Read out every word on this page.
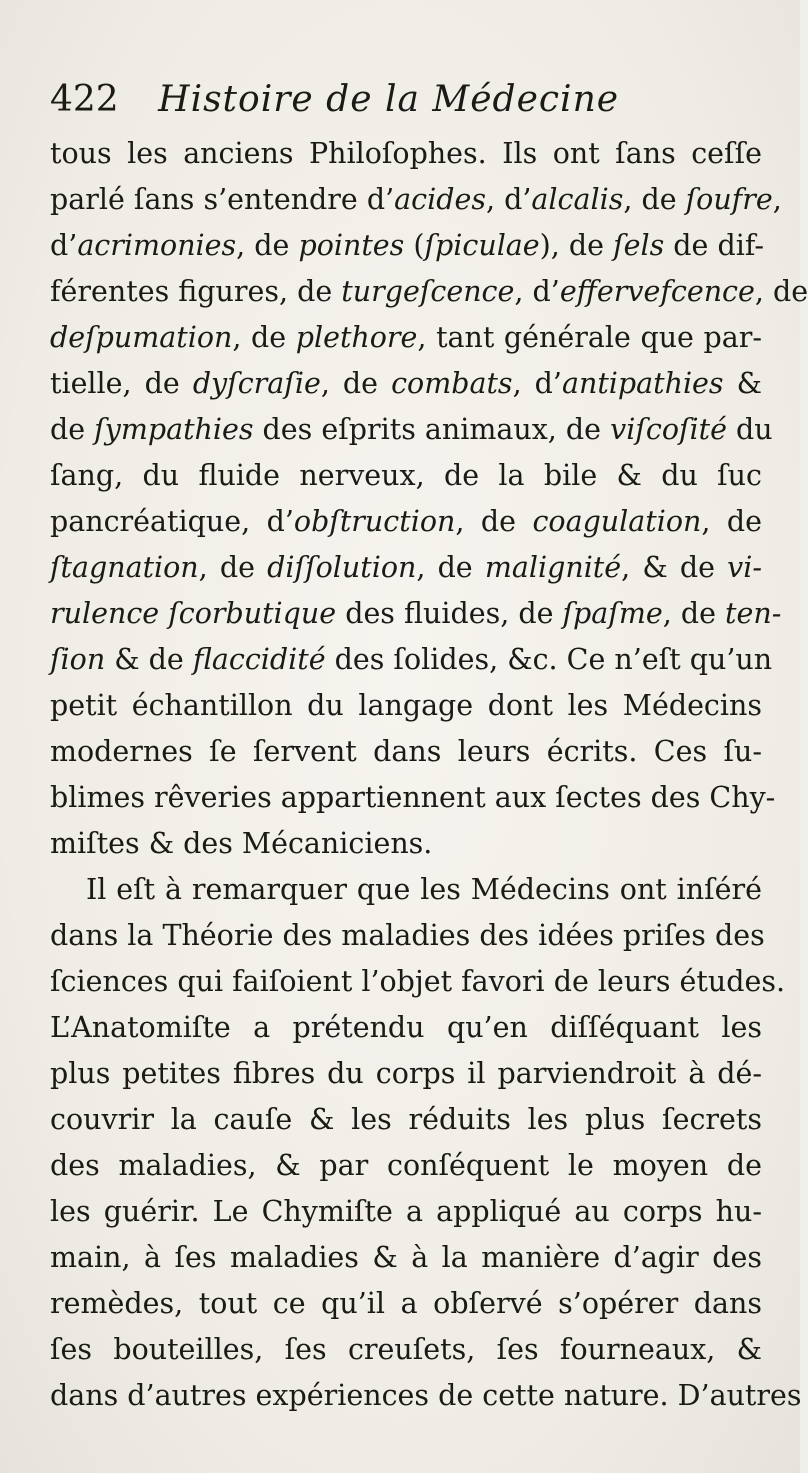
422 Histoire de la Médecine
tous les anciens Philoſophes. Ils ont ſans ceſſe
parlé ſans s’entendre d’acides, d’alcalis, de ſoufre,
d’acrimonies, de pointes (ſpiculae), de ſels de dif-
férentes figures, de turgeſcence, d’effervefcence, de
deſpumation, de plethore, tant générale que par-
tielle, de dyſcraſie, de combats, d’antipathies &
de ſympathies des eſprits animaux, de viſcoſité du
ſang, du fluide nerveux, de la bile & du ſuc
pancréatique, d’obſtruction, de coagulation, de
ſtagnation, de diſſolution, de malignité, & de vi-
rulence ſcorbutique des fluides, de ſpaſme, de ten-
ſion & de flaccidité des ſolides, &c. Ce n’eſt qu’un
petit échantillon du langage dont les Médecins
modernes ſe ſervent dans leurs écrits. Ces ſu-
blimes rêveries appartiennent aux ſectes des Chy-
miſtes & des Mécaniciens.
Il eſt à remarquer que les Médecins ont inſéré
dans la Théorie des maladies des idées priſes des
ſciences qui faiſoient l’objet favori de leurs études.
L’Anatomiſte a prétendu qu’en diſſéquant les
plus petites fibres du corps il parviendroit à dé-
couvrir la cauſe & les réduits les plus ſecrets
des maladies, & par conſéquent le moyen de
les guérir. Le Chymiſte a appliqué au corps hu-
main, à ſes maladies & à la manière d’agir des
remèdes, tout ce qu’il a obſervé s’opérer dans
ſes bouteilles, ſes creuſets, ſes fourneaux, &
dans d’autres expériences de cette nature. D’autres
